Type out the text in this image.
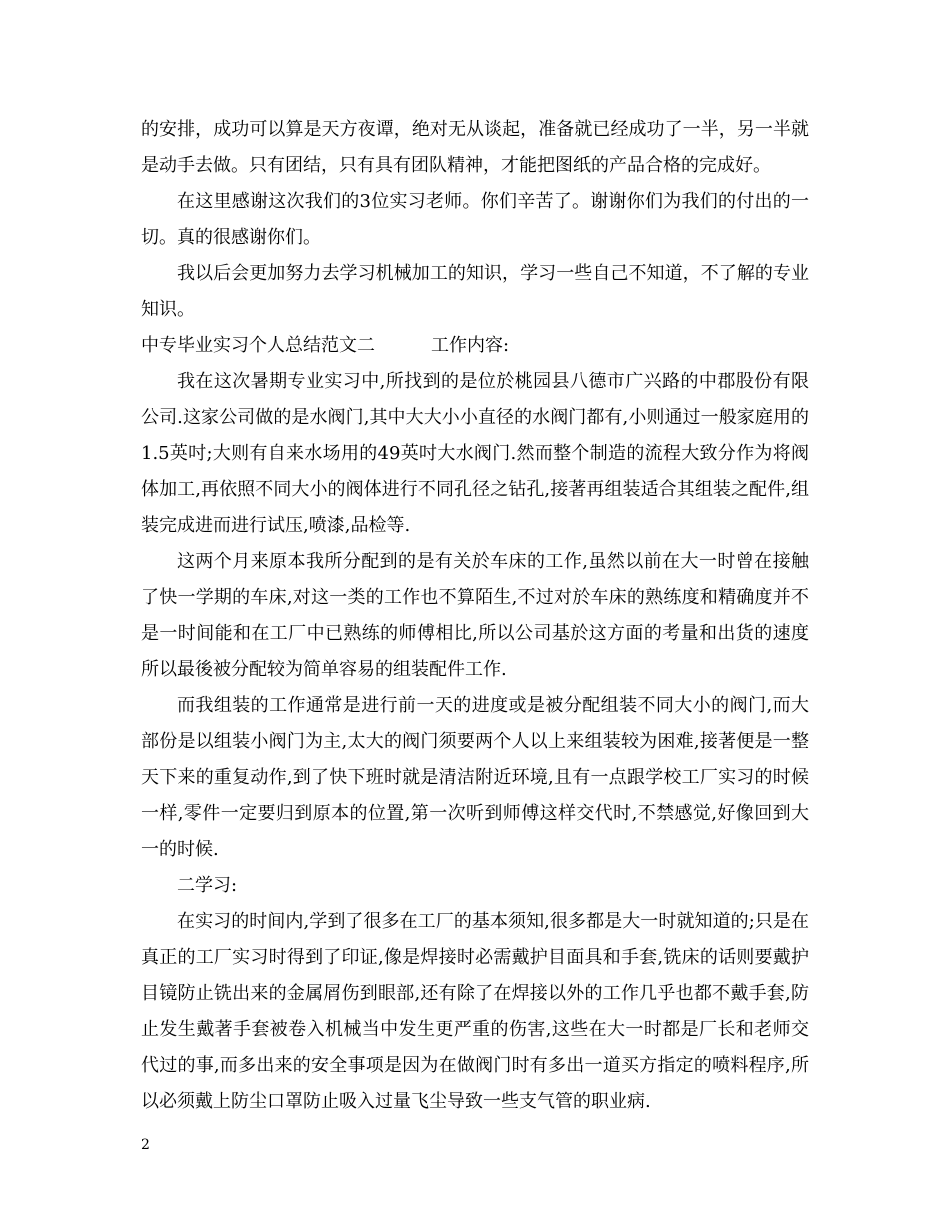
的安排，成功可以算是天方夜谭，绝对无从谈起，准备就已经成功了一半，另一半就是动手去做。只有团结，只有具有团队精神，才能把图纸的产品合格的完成好。

在这里感谢这次我们的3位实习老师。你们辛苦了。谢谢你们为我们的付出的一切。真的很感谢你们。

我以后会更加努力去学习机械加工的知识，学习一些自己不知道，不了解的专业知识。

中专毕业实习个人总结范文二	工作内容:

我在这次暑期专业实习中,所找到的是位於桃园县八德市广兴路的中郡股份有限公司.这家公司做的是水阀门,其中大大小小直径的水阀门都有,小则通过一般家庭用的1.5英吋;大则有自来水场用的49英吋大水阀门.然而整个制造的流程大致分作为将阀体加工,再依照不同大小的阀体进行不同孔径之钻孔,接著再组装适合其组装之配件,组装完成进而进行试压,喷漆,品检等.

这两个月来原本我所分配到的是有关於车床的工作,虽然以前在大一时曾在接触了快一学期的车床,对这一类的工作也不算陌生,不过对於车床的熟练度和精确度并不是一时间能和在工厂中已熟练的师傅相比,所以公司基於这方面的考量和出货的速度所以最後被分配较为简单容易的组装配件工作.

而我组装的工作通常是进行前一天的进度或是被分配组装不同大小的阀门,而大部份是以组装小阀门为主,太大的阀门须要两个人以上来组装较为困难,接著便是一整天下来的重复动作,到了快下班时就是清洁附近环境,且有一点跟学校工厂实习的时候一样,零件一定要归到原本的位置,第一次听到师傅这样交代时,不禁感觉,好像回到大一的时候.

二学习:

在实习的时间内,学到了很多在工厂的基本须知,很多都是大一时就知道的;只是在真正的工厂实习时得到了印证,像是焊接时必需戴护目面具和手套,铣床的话则要戴护目镜防止铣出来的金属屑伤到眼部,还有除了在焊接以外的工作几乎也都不戴手套,防止发生戴著手套被卷入机械当中发生更严重的伤害,这些在大一时都是厂长和老师交代过的事,而多出来的安全事项是因为在做阀门时有多出一道买方指定的喷料程序,所以必须戴上防尘口罩防止吸入过量飞尘导致一些支气管的职业病.

2
